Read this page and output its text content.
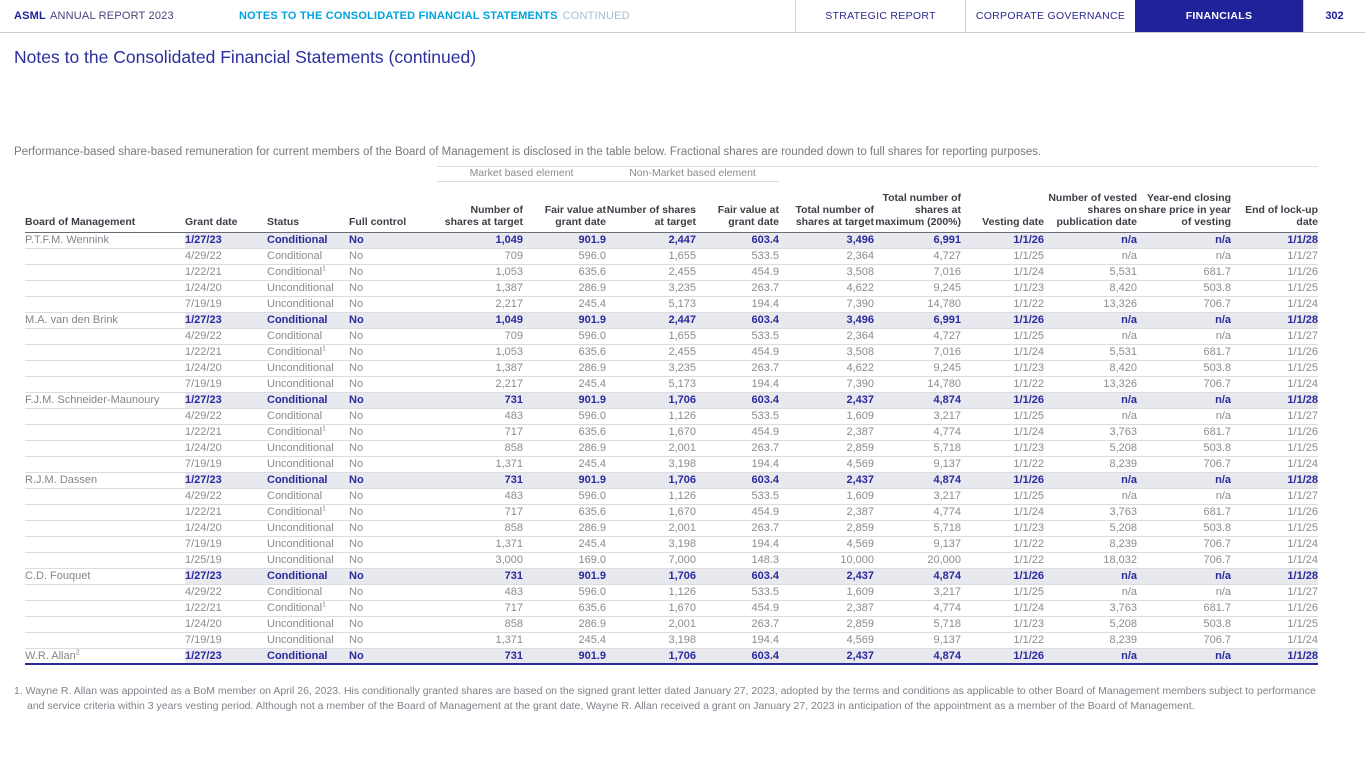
ASML ANNUAL REPORT 2023	NOTES TO THE CONSOLIDATED FINANCIAL STATEMENTS CONTINUED	STRATEGIC REPORT	CORPORATE GOVERNANCE	FINANCIALS	302
Notes to the Consolidated Financial Statements (continued)

Performance-based share-based remuneration for current members of the Board of Management is disclosed in the table below. Fractional shares are rounded down to full shares for reporting purposes.

				Market based element		Non-Market based element							
Board of Management	Grant date	Status	Full control	Number of shares at target	Fair value at grant date	Number of shares at target	Fair value at grant date	Total number of shares at target	Total number of shares at maximum (200%)	Vesting date	Number of vested shares on publication date	Year-end closing share price in year of vesting	End of lock-up date
P.T.F.M. Wennink	1/27/23	Conditional	No	1,049	901.9	2,447	603.4	3,496	6,991	1/1/26	n/a	n/a	1/1/28
	4/29/22	Conditional	No	709	596.0	1,655	533.5	2,364	4,727	1/1/25	n/a	n/a	1/1/27
	1/22/21	Conditional$^1$	No	1,053	635.6	2,455	454.9	3,508	7,016	1/1/24	5,531	681.7	1/1/26
	1/24/20	Unconditional	No	1,387	286.9	3,235	263.7	4,622	9,245	1/1/23	8,420	503.8	1/1/25
	7/19/19	Unconditional	No	2,217	245.4	5,173	194.4	7,390	14,780	1/1/22	13,326	706.7	1/1/24
M.A. van den Brink	1/27/23	Conditional	No	1,049	901.9	2,447	603.4	3,496	6,991	1/1/26	n/a	n/a	1/1/28
	4/29/22	Conditional	No	709	596.0	1,655	533.5	2,364	4,727	1/1/25	n/a	n/a	1/1/27
	1/22/21	Conditional$^1$	No	1,053	635.6	2,455	454.9	3,508	7,016	1/1/24	5,531	681.7	1/1/26
	1/24/20	Unconditional	No	1,387	286.9	3,235	263.7	4,622	9,245	1/1/23	8,420	503.8	1/1/25
	7/19/19	Unconditional	No	2,217	245.4	5,173	194.4	7,390	14,780	1/1/22	13,326	706.7	1/1/24
F.J.M. Schneider-Maunoury	1/27/23	Conditional	No	731	901.9	1,706	603.4	2,437	4,874	1/1/26	n/a	n/a	1/1/28
	4/29/22	Conditional	No	483	596.0	1,126	533.5	1,609	3,217	1/1/25	n/a	n/a	1/1/27
	1/22/21	Conditional$^1$	No	717	635.6	1,670	454.9	2,387	4,774	1/1/24	3,763	681.7	1/1/26
	1/24/20	Unconditional	No	858	286.9	2,001	263.7	2,859	5,718	1/1/23	5,208	503.8	1/1/25
	7/19/19	Unconditional	No	1,371	245.4	3,198	194.4	4,569	9,137	1/1/22	8,239	706.7	1/1/24
R.J.M. Dassen	1/27/23	Conditional	No	731	901.9	1,706	603.4	2,437	4,874	1/1/26	n/a	n/a	1/1/28
	4/29/22	Conditional	No	483	596.0	1,126	533.5	1,609	3,217	1/1/25	n/a	n/a	1/1/27
	1/22/21	Conditional$^1$	No	717	635.6	1,670	454.9	2,387	4,774	1/1/24	3,763	681.7	1/1/26
	1/24/20	Unconditional	No	858	286.9	2,001	263.7	2,859	5,718	1/1/23	5,208	503.8	1/1/25
	7/19/19	Unconditional	No	1,371	245.4	3,198	194.4	4,569	9,137	1/1/22	8,239	706.7	1/1/24
	1/25/19	Unconditional	No	3,000	169.0	7,000	148.3	10,000	20,000	1/1/22	18,032	706.7	1/1/24
C.D. Fouquet	1/27/23	Conditional	No	731	901.9	1,706	603.4	2,437	4,874	1/1/26	n/a	n/a	1/1/28
	4/29/22	Conditional	No	483	596.0	1,126	533.5	1,609	3,217	1/1/25	n/a	n/a	1/1/27
	1/22/21	Conditional$^1$	No	717	635.6	1,670	454.9	2,387	4,774	1/1/24	3,763	681.7	1/1/26
	1/24/20	Unconditional	No	858	286.9	2,001	263.7	2,859	5,718	1/1/23	5,208	503.8	1/1/25
	7/19/19	Unconditional	No	1,371	245.4	3,198	194.4	4,569	9,137	1/1/22	8,239	706.7	1/1/24
W.R. Allan$^2$	1/27/23	Conditional	No	731	901.9	1,706	603.4	2,437	4,874	1/1/26	n/a	n/a	1/1/28

1. Wayne R. Allan was appointed as a BoM member on April 26, 2023. His conditionally granted shares are based on the signed grant letter dated January 27, 2023, adopted by the terms and conditions as applicable to other Board of Management members subject to performance and service criteria within 3 years vesting period. Although not a member of the Board of Management at the grant date, Wayne R. Allan received a grant on January 27, 2023 in anticipation of the appointment as a member of the Board of Management.
